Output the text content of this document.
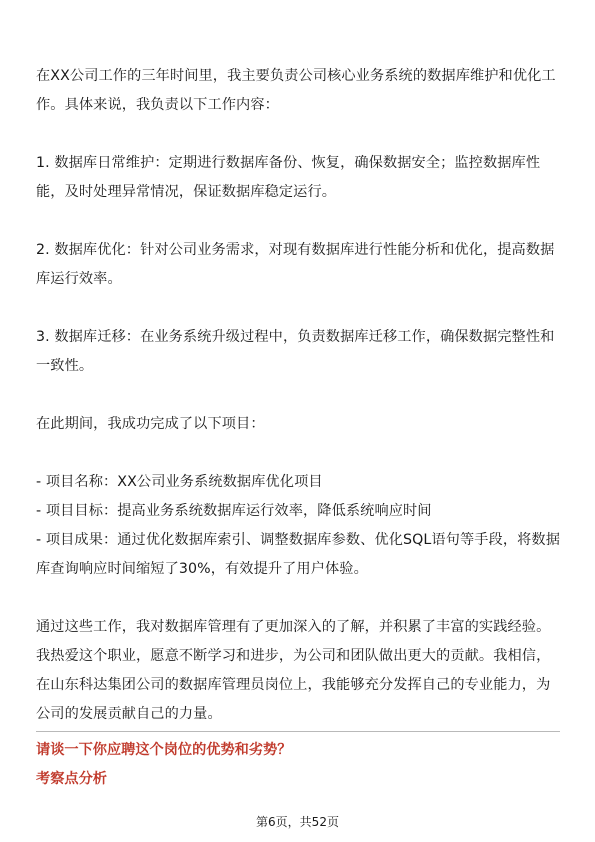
在XX公司工作的三年时间里，我主要负责公司核心业务系统的数据库维护和优化工作。具体来说，我负责以下工作内容：

1. 数据库日常维护：定期进行数据库备份、恢复，确保数据安全；监控数据库性能，及时处理异常情况，保证数据库稳定运行。

2. 数据库优化：针对公司业务需求，对现有数据库进行性能分析和优化，提高数据库运行效率。

3. 数据库迁移：在业务系统升级过程中，负责数据库迁移工作，确保数据完整性和一致性。

在此期间，我成功完成了以下项目：

- 项目名称：XX公司业务系统数据库优化项目

- 项目目标：提高业务系统数据库运行效率，降低系统响应时间

- 项目成果：通过优化数据库索引、调整数据库参数、优化SQL语句等手段，将数据库查询响应时间缩短了30%，有效提升了用户体验。

通过这些工作，我对数据库管理有了更加深入的了解，并积累了丰富的实践经验。我热爱这个职业，愿意不断学习和进步，为公司和团队做出更大的贡献。我相信，在山东科达集团公司的数据库管理员岗位上，我能够充分发挥自己的专业能力，为公司的发展贡献自己的力量。

请谈一下你应聘这个岗位的优势和劣势？
考察点分析
第6页，共52页
